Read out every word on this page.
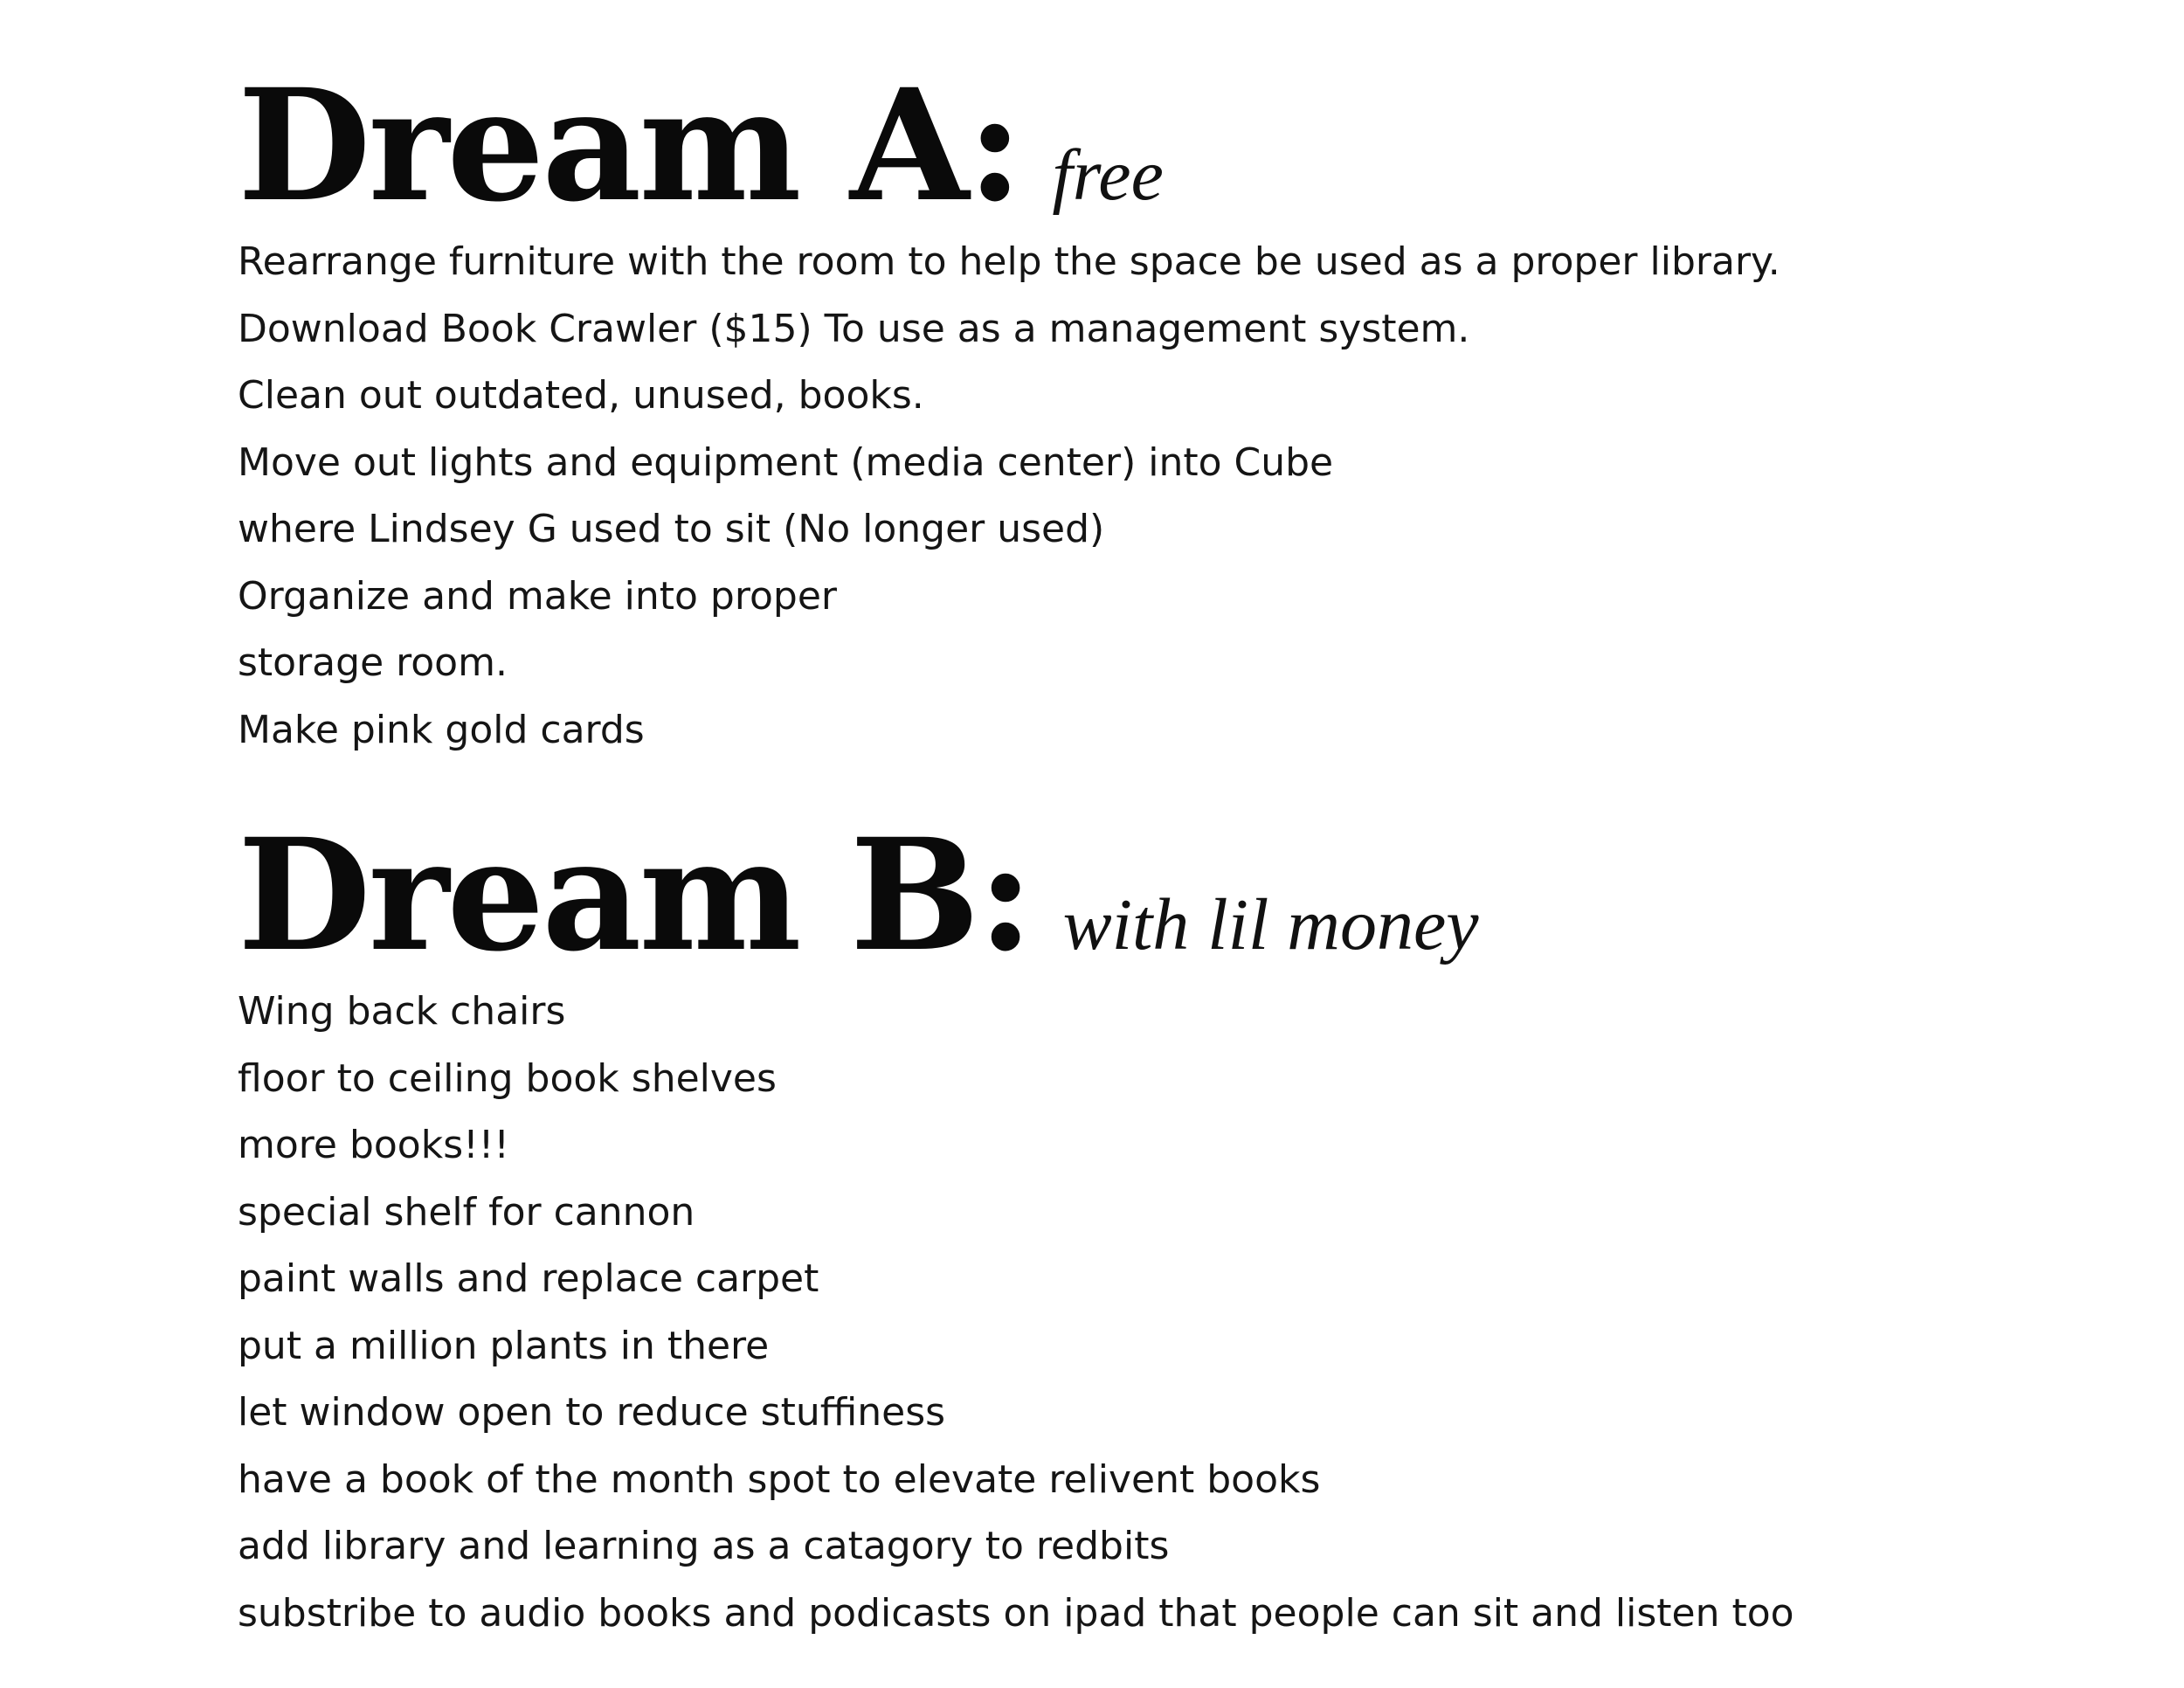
Dream A: free
Rearrange furniture with the room to help the space be used as a proper library.
Download Book Crawler ($15) To use as a management system.
Clean out outdated, unused, books.
Move out lights and equipment (media center) into Cube
where Lindsey G used to sit (No longer used)
Organize and make into proper
storage room.
Make pink gold cards
Dream B: with lil money
Wing back chairs
floor to ceiling book shelves
more books!!!
special shelf for cannon
paint walls and replace carpet
put a million plants in there
let window open to reduce stuffiness
have a book of the month spot to elevate relivent books
add library and learning as a catagory to redbits
substribe to audio books and podicasts on ipad that people can sit and listen too
